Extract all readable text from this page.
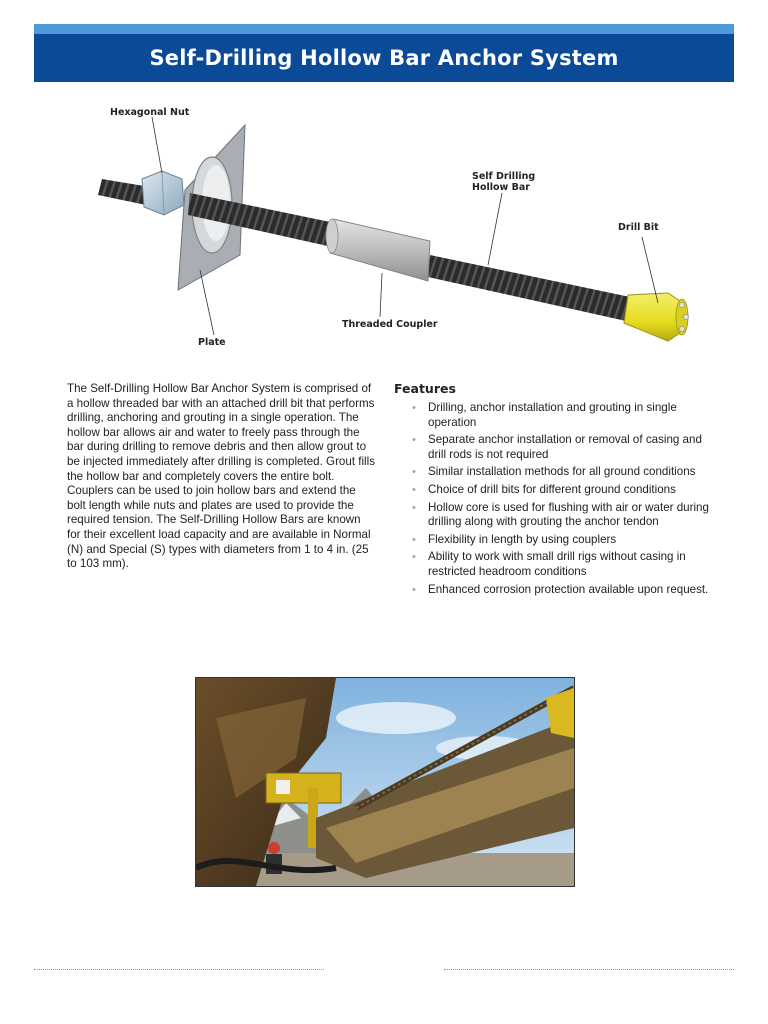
Self-Drilling Hollow Bar Anchor System
Hexagonal Nut
Self Drilling
Hollow Bar
Drill Bit
Threaded Coupler
Plate

The Self-Drilling Hollow Bar Anchor System is comprised of a hollow threaded bar with an attached drill bit that performs drilling, anchoring and grouting in a single operation. The hollow bar allows air and water to freely pass through the bar during drilling to remove debris and then allow grout to be injected immediately after drilling is completed. Grout fills the hollow bar and completely covers the entire bolt. Couplers can be used to join hollow bars and extend the bolt length while nuts and plates are used to provide the required tension. The Self-Drilling Hollow Bars are known for their excellent load capacity and are available in Normal (N) and Special (S) types with diameters from 1 to 4 in. (25 to 103 mm).

Features
• Drilling, anchor installation and grouting in single operation
• Separate anchor installation or removal of casing and drill rods is not required
• Similar installation methods for all ground conditions
• Choice of drill bits for different ground conditions
• Hollow core is used for flushing with air or water during drilling along with grouting the anchor tendon
• Flexibility in length by using couplers
• Ability to work with small drill rigs without casing in restricted headroom conditions
• Enhanced corrosion protection available upon request.
